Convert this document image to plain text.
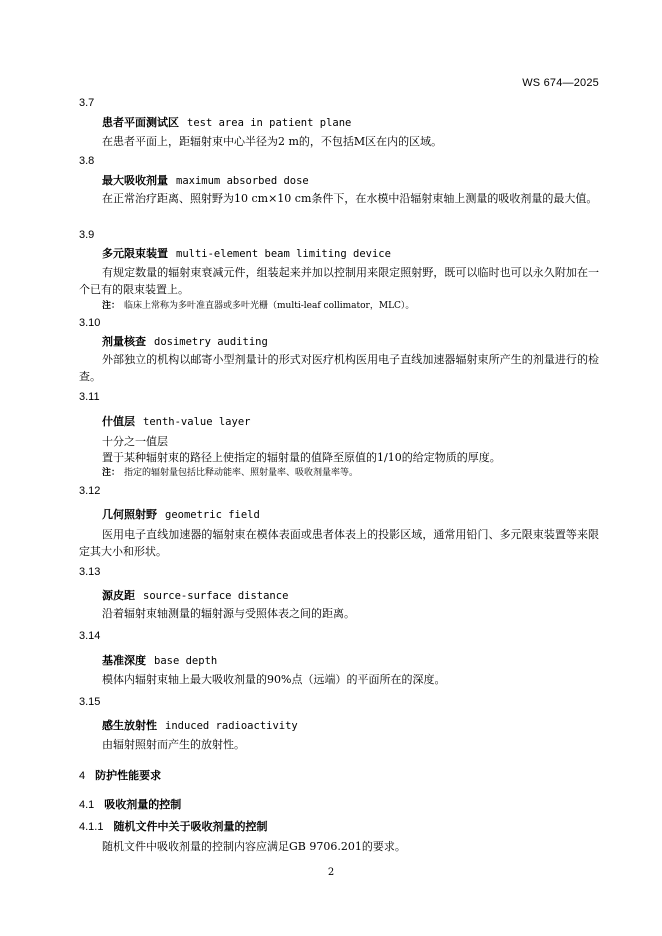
WS 674—2025
3.7
患者平面测试区 test area in patient plane
在患者平面上，距辐射束中心半径为2 m的，不包括M区在内的区域。
3.8
最大吸收剂量 maximum absorbed dose
在正常治疗距离、照射野为10 cm×10 cm条件下，在水模中沿辐射束轴上测量的吸收剂量的最大值。
3.9
多元限束装置 multi-element beam limiting device
有规定数量的辐射束衰减元件，组装起来并加以控制用来限定照射野，既可以临时也可以永久附加在一个已有的限束装置上。
注： 临床上常称为多叶准直器或多叶光栅（multi-leaf collimator，MLC）。
3.10
剂量核查 dosimetry auditing
外部独立的机构以邮寄小型剂量计的形式对医疗机构医用电子直线加速器辐射束所产生的剂量进行的检查。
3.11
什值层 tenth-value layer
十分之一值层
置于某种辐射束的路径上使指定的辐射量的值降至原值的1/10的给定物质的厚度。
注： 指定的辐射量包括比释动能率、照射量率、吸收剂量率等。
3.12
几何照射野 geometric field
医用电子直线加速器的辐射束在模体表面或患者体表上的投影区域，通常用铅门、多元限束装置等来限定其大小和形状。
3.13
源皮距 source-surface distance
沿着辐射束轴测量的辐射源与受照体表之间的距离。
3.14
基准深度 base depth
模体内辐射束轴上最大吸收剂量的90%点（远端）的平面所在的深度。
3.15
感生放射性 induced radioactivity
由辐射照射而产生的放射性。
4 防护性能要求
4.1 吸收剂量的控制
4.1.1 随机文件中关于吸收剂量的控制
随机文件中吸收剂量的控制内容应满足GB 9706.201的要求。
2
